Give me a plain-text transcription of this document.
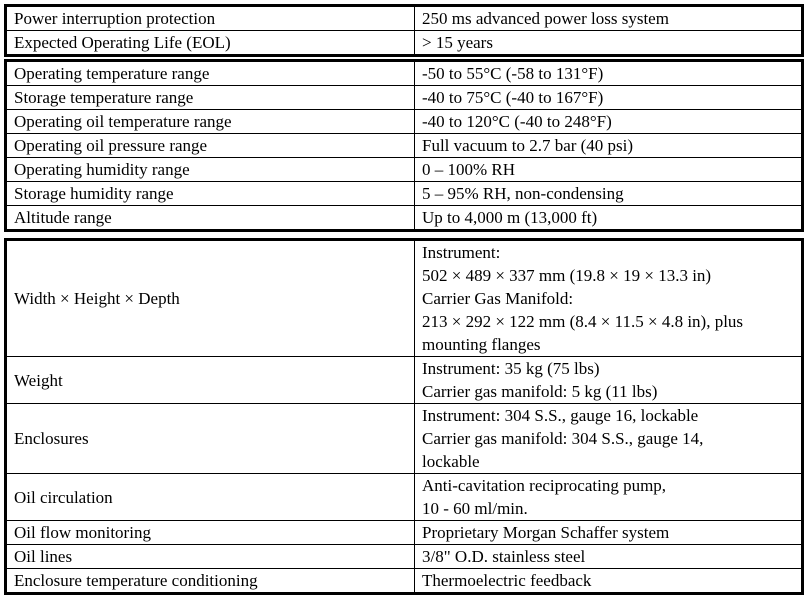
Power interruption protection	250 ms advanced power loss system
Expected Operating Life (EOL)	> 15 years
Operating temperature range	-50 to 55°C (-58 to 131°F)
Storage temperature range	-40 to 75°C (-40 to 167°F)
Operating oil temperature range	-40 to 120°C (-40 to 248°F)
Operating oil pressure range	Full vacuum to 2.7 bar (40 psi)
Operating humidity range	0 – 100% RH
Storage humidity range	5 – 95% RH, non-condensing
Altitude range	Up to 4,000 m (13,000 ft)
Width × Height × Depth	Instrument:
502 × 489 × 337 mm (19.8 × 19 × 13.3 in)
Carrier Gas Manifold:
213 × 292 × 122 mm (8.4 × 11.5 × 4.8 in), plus
mounting flanges

Weight	Instrument: 35 kg (75 lbs)
Carrier gas manifold: 5 kg (11 lbs)

Enclosures	Instrument: 304 S.S., gauge 16, lockable
Carrier gas manifold: 304 S.S., gauge 14,
lockable

Oil circulation	Anti-cavitation reciprocating pump,
10 - 60 ml/min.

Oil flow monitoring	Proprietary Morgan Schaffer system
Oil lines	3/8" O.D. stainless steel
Enclosure temperature conditioning	Thermoelectric feedback
